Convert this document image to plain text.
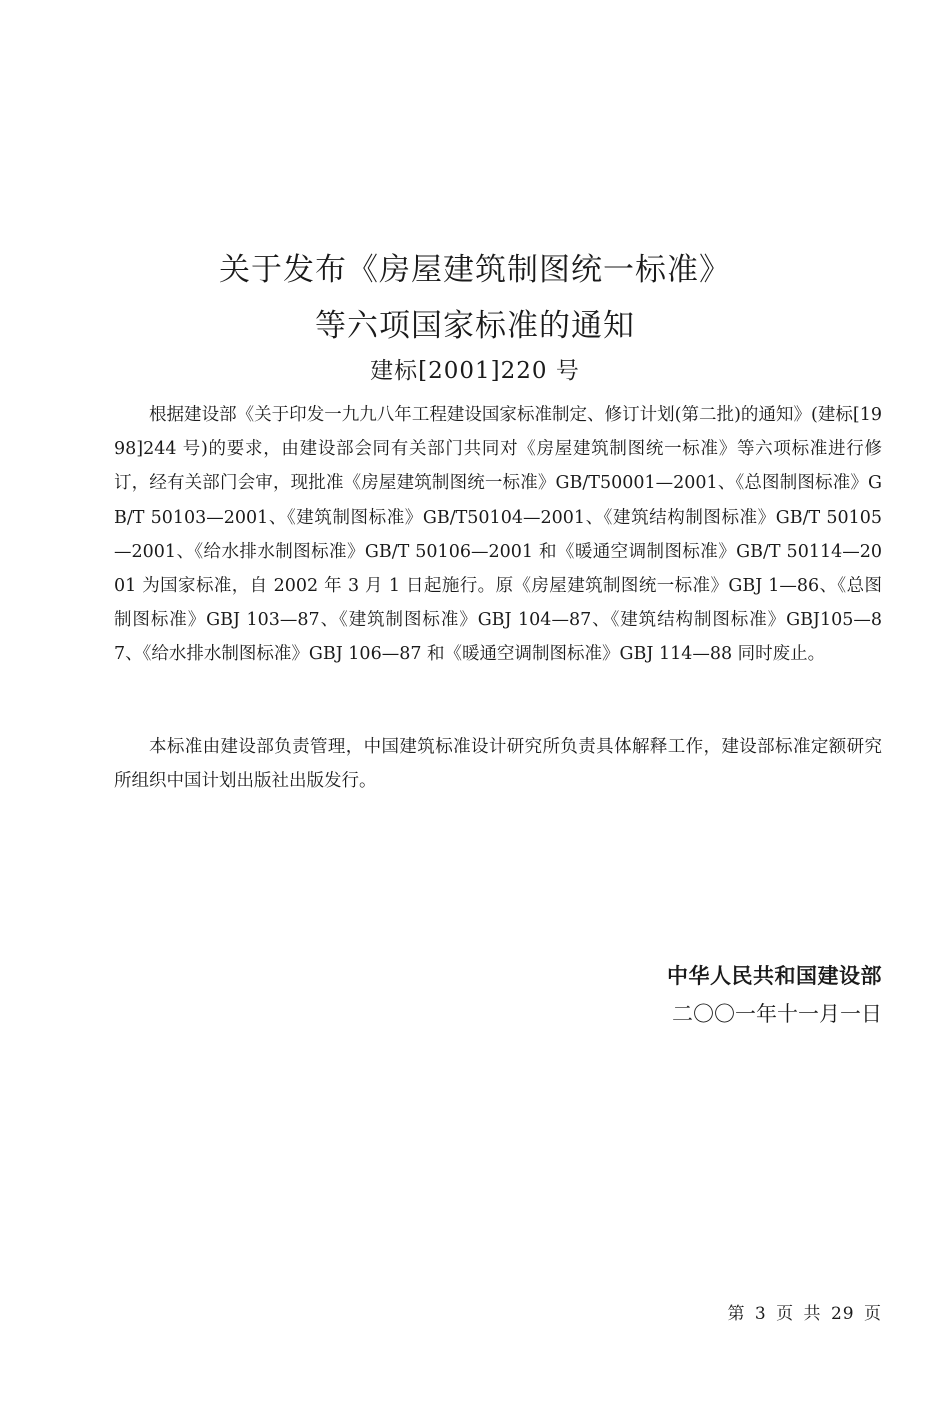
关于发布《房屋建筑制图统一标准》
等六项国家标准的通知
建标[2001]220 号

根据建设部《关于印发一九九八年工程建设国家标准制定、修订计划(第二批)的通知》(建标[1998]244 号)的要求，由建设部会同有关部门共同对《房屋建筑制图统一标准》等六项标准进行修订，经有关部门会审，现批准《房屋建筑制图统一标准》GB/T50001—2001、《总图制图标准》GB/T 50103—2001、《建筑制图标准》GB/T50104—2001、《建筑结构制图标准》GB/T 50105—2001、《给水排水制图标准》GB/T 50106—2001 和《暖通空调制图标准》GB/T 50114—2001 为国家标准，自 2002 年 3 月 1 日起施行。原《房屋建筑制图统一标准》GBJ 1—86、《总图制图标准》GBJ 103—87、《建筑制图标准》GBJ 104—87、《建筑结构制图标准》GBJ105—87、《给水排水制图标准》GBJ 106—87 和《暖通空调制图标准》GBJ 114—88 同时废止。

本标准由建设部负责管理，中国建筑标准设计研究所负责具体解释工作，建设部标准定额研究所组织中国计划出版社出版发行。

中华人民共和国建设部
二〇〇一年十一月一日
第 3 页 共 29 页
